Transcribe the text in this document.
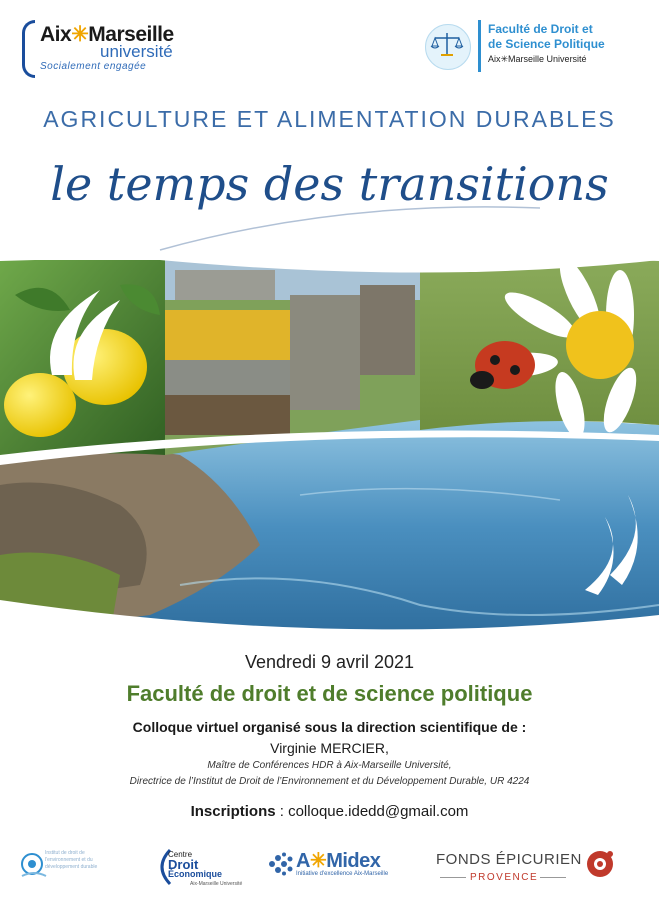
Aix✳Marseille
université
Socialement engagée
Faculté de Droit et
de Science Politique
Aix✳Marseille Université
AGRICULTURE ET ALIMENTATION DURABLES
le temps des transitions
Vendredi 9 avril 2021
Faculté de droit et de science politique
Colloque virtuel organisé sous la direction scientifique de :
Virginie MERCIER,
Maître de Conférences HDR à Aix-Marseille Université,
Directrice de l’Institut de Droit de l’Environnement et du Développement Durable, UR 4224
Inscriptions : colloque.idedd@gmail.com
Institut de droit de l'environnement et du développement durable
Centre
Droit
Économique
Aix-Marseille Université
A✳Midex
Initiative d'excellence Aix-Marseille
FONDS ÉPICURIEN
PROVENCE
